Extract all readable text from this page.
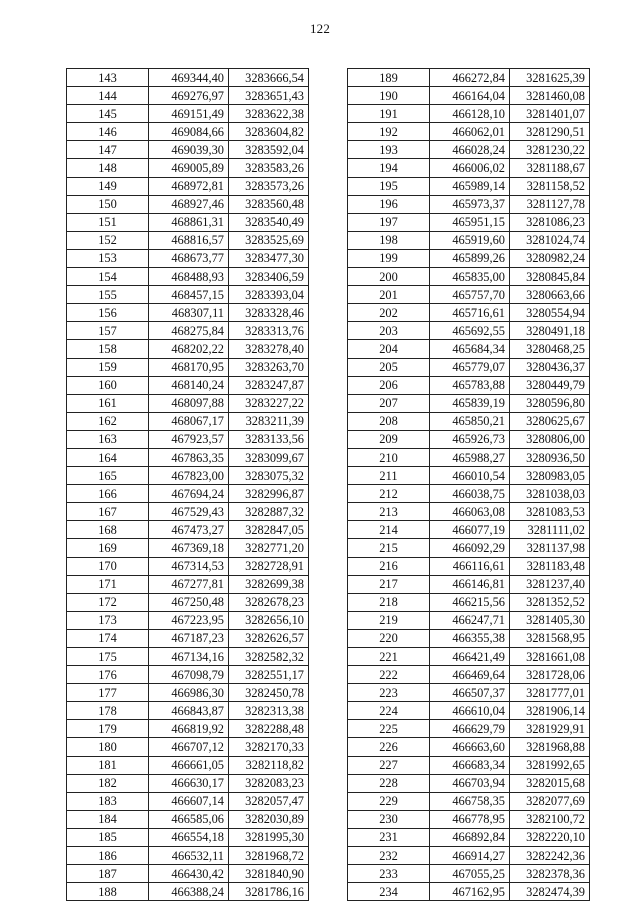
122
143	469344,40	3283666,54
144	469276,97	3283651,43
145	469151,49	3283622,38
146	469084,66	3283604,82
147	469039,30	3283592,04
148	469005,89	3283583,26
149	468972,81	3283573,26
150	468927,46	3283560,48
151	468861,31	3283540,49
152	468816,57	3283525,69
153	468673,77	3283477,30
154	468488,93	3283406,59
155	468457,15	3283393,04
156	468307,11	3283328,46
157	468275,84	3283313,76
158	468202,22	3283278,40
159	468170,95	3283263,70
160	468140,24	3283247,87
161	468097,88	3283227,22
162	468067,17	3283211,39
163	467923,57	3283133,56
164	467863,35	3283099,67
165	467823,00	3283075,32
166	467694,24	3282996,87
167	467529,43	3282887,32
168	467473,27	3282847,05
169	467369,18	3282771,20
170	467314,53	3282728,91
171	467277,81	3282699,38
172	467250,48	3282678,23
173	467223,95	3282656,10
174	467187,23	3282626,57
175	467134,16	3282582,32
176	467098,79	3282551,17
177	466986,30	3282450,78
178	466843,87	3282313,38
179	466819,92	3282288,48
180	466707,12	3282170,33
181	466661,05	3282118,82
182	466630,17	3282083,23
183	466607,14	3282057,47
184	466585,06	3282030,89
185	466554,18	3281995,30
186	466532,11	3281968,72
187	466430,42	3281840,90
188	466388,24	3281786,16
189	466272,84	3281625,39
190	466164,04	3281460,08
191	466128,10	3281401,07
192	466062,01	3281290,51
193	466028,24	3281230,22
194	466006,02	3281188,67
195	465989,14	3281158,52
196	465973,37	3281127,78
197	465951,15	3281086,23
198	465919,60	3281024,74
199	465899,26	3280982,24
200	465835,00	3280845,84
201	465757,70	3280663,66
202	465716,61	3280554,94
203	465692,55	3280491,18
204	465684,34	3280468,25
205	465779,07	3280436,37
206	465783,88	3280449,79
207	465839,19	3280596,80
208	465850,21	3280625,67
209	465926,73	3280806,00
210	465988,27	3280936,50
211	466010,54	3280983,05
212	466038,75	3281038,03
213	466063,08	3281083,53
214	466077,19	3281111,02
215	466092,29	3281137,98
216	466116,61	3281183,48
217	466146,81	3281237,40
218	466215,56	3281352,52
219	466247,71	3281405,30
220	466355,38	3281568,95
221	466421,49	3281661,08
222	466469,64	3281728,06
223	466507,37	3281777,01
224	466610,04	3281906,14
225	466629,79	3281929,91
226	466663,60	3281968,88
227	466683,34	3281992,65
228	466703,94	3282015,68
229	466758,35	3282077,69
230	466778,95	3282100,72
231	466892,84	3282220,10
232	466914,27	3282242,36
233	467055,25	3282378,36
234	467162,95	3282474,39
